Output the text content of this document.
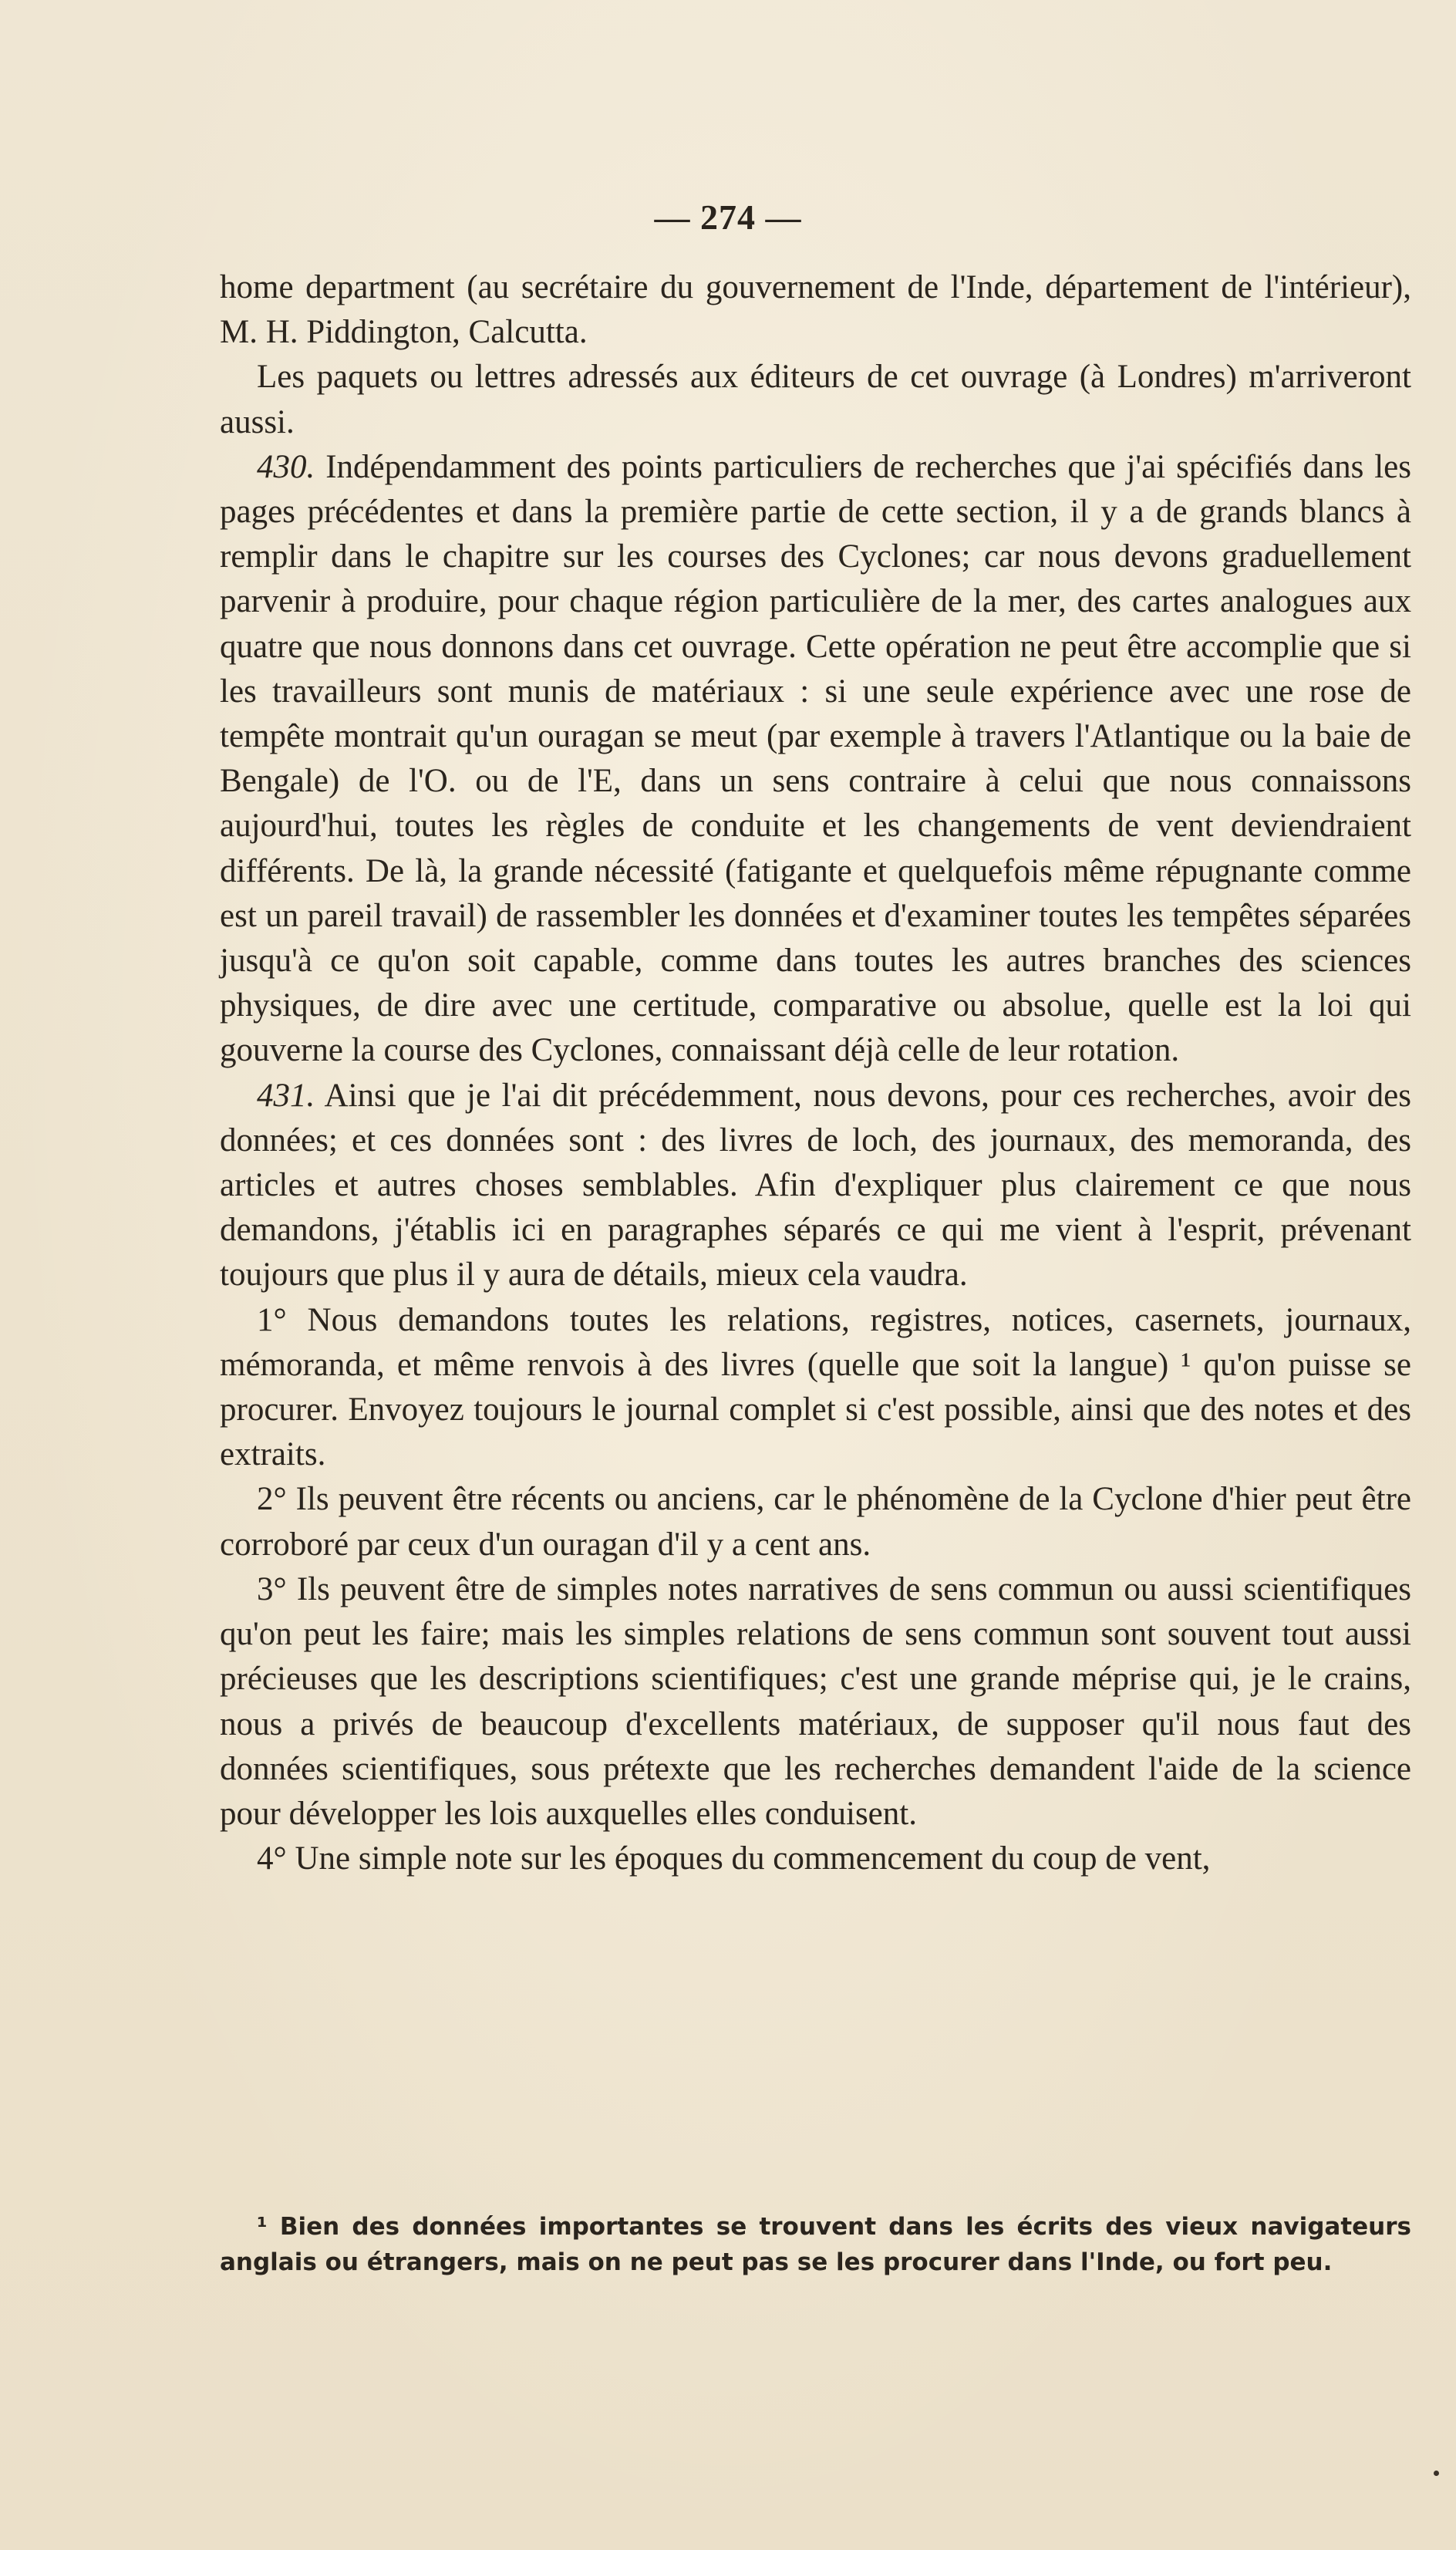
— 274 —

home department (au secrétaire du gouvernement de l'Inde, département de l'intérieur), M. H. Piddington, Calcutta.

Les paquets ou lettres adressés aux éditeurs de cet ouvrage (à Londres) m'arriveront aussi.

430. Indépendamment des points particuliers de recherches que j'ai spécifiés dans les pages précédentes et dans la première partie de cette section, il y a de grands blancs à remplir dans le chapitre sur les courses des Cyclones; car nous devons graduellement parvenir à produire, pour chaque région particulière de la mer, des cartes analogues aux quatre que nous donnons dans cet ouvrage. Cette opération ne peut être accomplie que si les travailleurs sont munis de matériaux : si une seule expérience avec une rose de tempête montrait qu'un ouragan se meut (par exemple à travers l'Atlantique ou la baie de Bengale) de l'O. ou de l'E, dans un sens contraire à celui que nous connaissons aujourd'hui, toutes les règles de conduite et les changements de vent deviendraient différents. De là, la grande nécessité (fatigante et quelquefois même répugnante comme est un pareil travail) de rassembler les données et d'examiner toutes les tempêtes séparées jusqu'à ce qu'on soit capable, comme dans toutes les autres branches des sciences physiques, de dire avec une certitude, comparative ou absolue, quelle est la loi qui gouverne la course des Cyclones, connaissant déjà celle de leur rotation.

431. Ainsi que je l'ai dit précédemment, nous devons, pour ces recherches, avoir des données; et ces données sont : des livres de loch, des journaux, des memoranda, des articles et autres choses semblables. Afin d'expliquer plus clairement ce que nous demandons, j'établis ici en paragraphes séparés ce qui me vient à l'esprit, prévenant toujours que plus il y aura de détails, mieux cela vaudra.

1° Nous demandons toutes les relations, registres, notices, casernets, journaux, mémoranda, et même renvois à des livres (quelle que soit la langue) ¹ qu'on puisse se procurer. Envoyez toujours le journal complet si c'est possible, ainsi que des notes et des extraits.

2° Ils peuvent être récents ou anciens, car le phénomène de la Cyclone d'hier peut être corroboré par ceux d'un ouragan d'il y a cent ans.

3° Ils peuvent être de simples notes narratives de sens commun ou aussi scientifiques qu'on peut les faire; mais les simples relations de sens commun sont souvent tout aussi précieuses que les descriptions scientifiques; c'est une grande méprise qui, je le crains, nous a privés de beaucoup d'excellents matériaux, de supposer qu'il nous faut des données scientifiques, sous prétexte que les recherches demandent l'aide de la science pour développer les lois auxquelles elles conduisent.

4° Une simple note sur les époques du commencement du coup de vent,

¹ Bien des données importantes se trouvent dans les écrits des vieux navigateurs anglais ou étrangers, mais on ne peut pas se les procurer dans l'Inde, ou fort peu.
